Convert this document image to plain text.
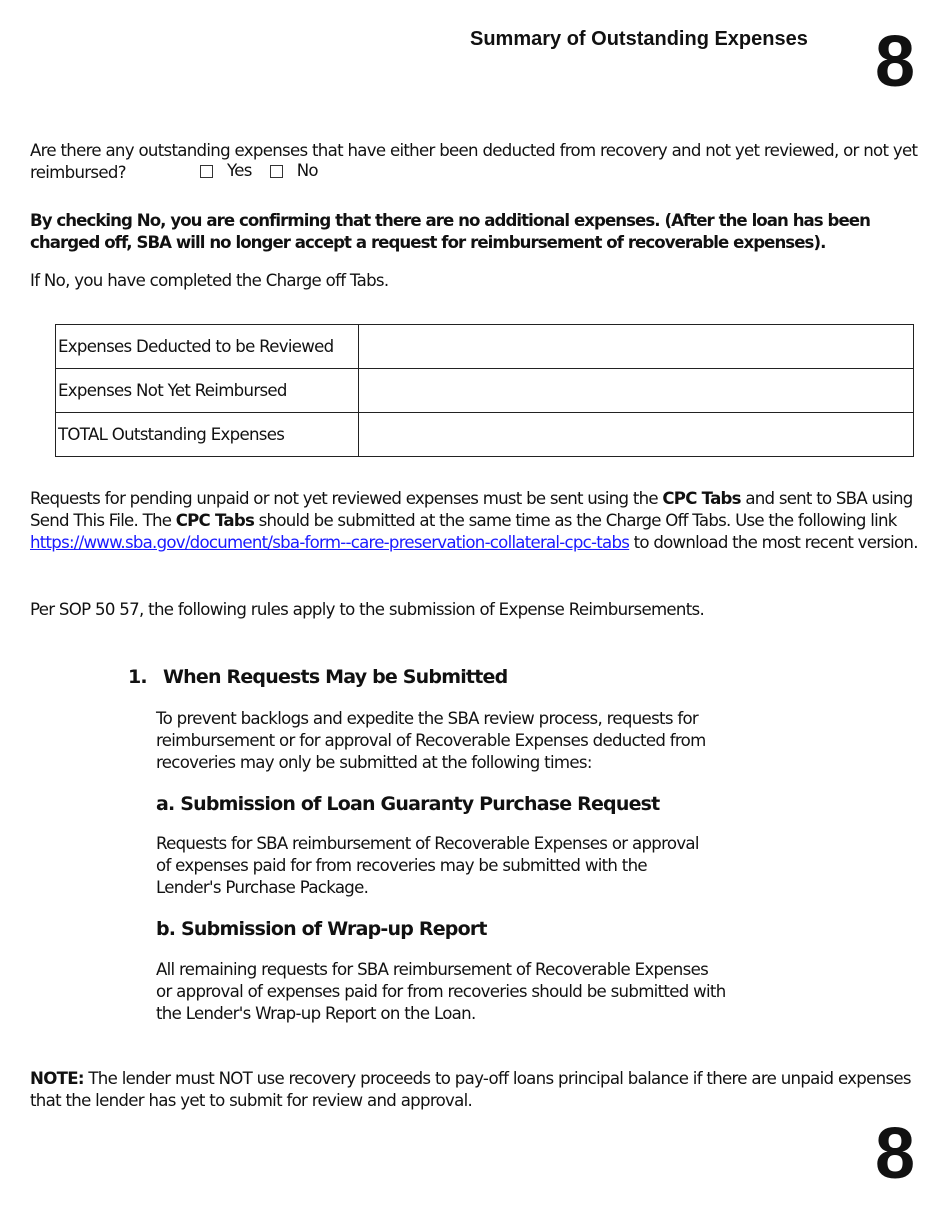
Summary of Outstanding Expenses 8
Are there any outstanding expenses that have either been deducted from recovery and not yet reviewed, or not yet reimbursed?	Yes	No
By checking No, you are confirming that there are no additional expenses. (After the loan has been charged off, SBA will no longer accept a request for reimbursement of recoverable expenses).
If No, you have completed the Charge off Tabs.
Expenses Deducted to be Reviewed	
Expenses Not Yet Reimbursed	
TOTAL Outstanding Expenses	
Requests for pending unpaid or not yet reviewed expenses must be sent using the CPC Tabs and sent to SBA using Send This File. The CPC Tabs should be submitted at the same time as the Charge Off Tabs. Use the following link https://www.sba.gov/document/sba-form--care-preservation-collateral-cpc-tabs to download the most recent version.
Per SOP 50 57, the following rules apply to the submission of Expense Reimbursements.
1. When Requests May be Submitted
To prevent backlogs and expedite the SBA review process, requests for reimbursement or for approval of Recoverable Expenses deducted from recoveries may only be submitted at the following times:
a. Submission of Loan Guaranty Purchase Request
Requests for SBA reimbursement of Recoverable Expenses or approval of expenses paid for from recoveries may be submitted with the Lender's Purchase Package.
b. Submission of Wrap-up Report
All remaining requests for SBA reimbursement of Recoverable Expenses or approval of expenses paid for from recoveries should be submitted with the Lender's Wrap-up Report on the Loan.
NOTE: The lender must NOT use recovery proceeds to pay-off loans principal balance if there are unpaid expenses that the lender has yet to submit for review and approval.
8
